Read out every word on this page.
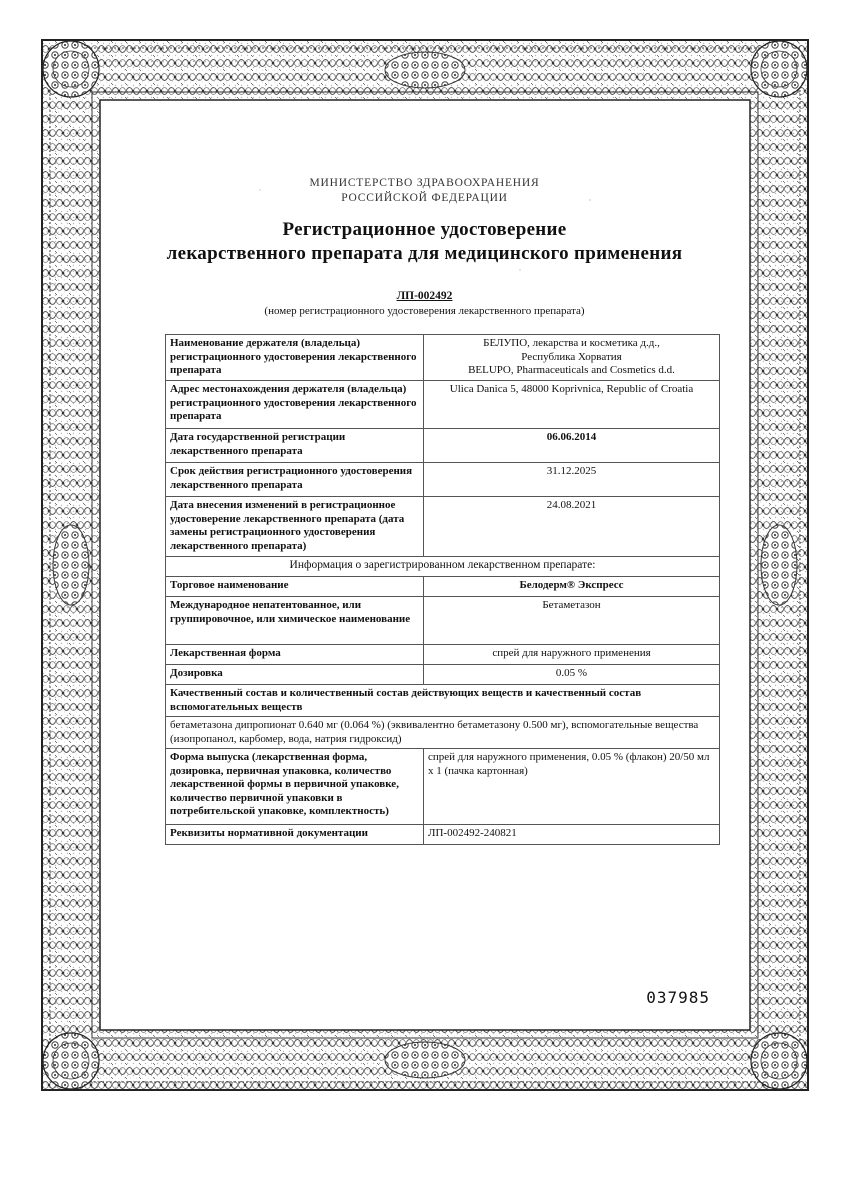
МИНИСТЕРСТВО ЗДРАВООХРАНЕНИЯ
РОССИЙСКОЙ ФЕДЕРАЦИИ
Регистрационное удостоверение
лекарственного препарата для медицинского применения
ЛП-002492
(номер регистрационного удостоверения лекарственного препарата)
Наименование держателя (владельца) регистрационного удостоверения лекарственного препарата	БЕЛУПО, лекарства и косметика д.д.,
Республика Хорватия
BELUPO, Pharmaceuticals and Cosmetics d.d.

Адрес местонахождения держателя (владельца) регистрационного удостоверения лекарственного препарата	Ulica Danica 5, 48000 Koprivnica, Republic of Croatia
Дата государственной регистрации лекарственного препарата	06.06.2014
Срок действия регистрационного удостоверения лекарственного препарата	31.12.2025
Дата внесения изменений в регистрационное удостоверение лекарственного препарата (дата замены регистрационного удостоверения лекарственного препарата)	24.08.2021
Информация о зарегистрированном лекарственном препарате:	
Торговое наименование	Белодерм® Экспресс
Международное непатентованное, или группировочное, или химическое наименование	Бетаметазон
Лекарственная форма	спрей для наружного применения
Дозировка	0.05 %
Качественный состав и количественный состав действующих веществ и качественный состав вспомогательных веществ	
бетаметазона дипропионат 0.640 мг (0.064 %) (эквивалентно бетаметазону 0.500 мг), вспомогательные вещества (изопропанол, карбомер, вода, натрия гидроксид)	
Форма выпуска (лекарственная форма, дозировка, первичная упаковка, количество лекарственной формы в первичной упаковке, количество первичной упаковки в потребительской упаковке, комплектность)	спрей для наружного применения, 0.05 % (флакон) 20/50 мл x 1 (пачка картонная)
Реквизиты нормативной документации	ЛП-002492-240821
037985
